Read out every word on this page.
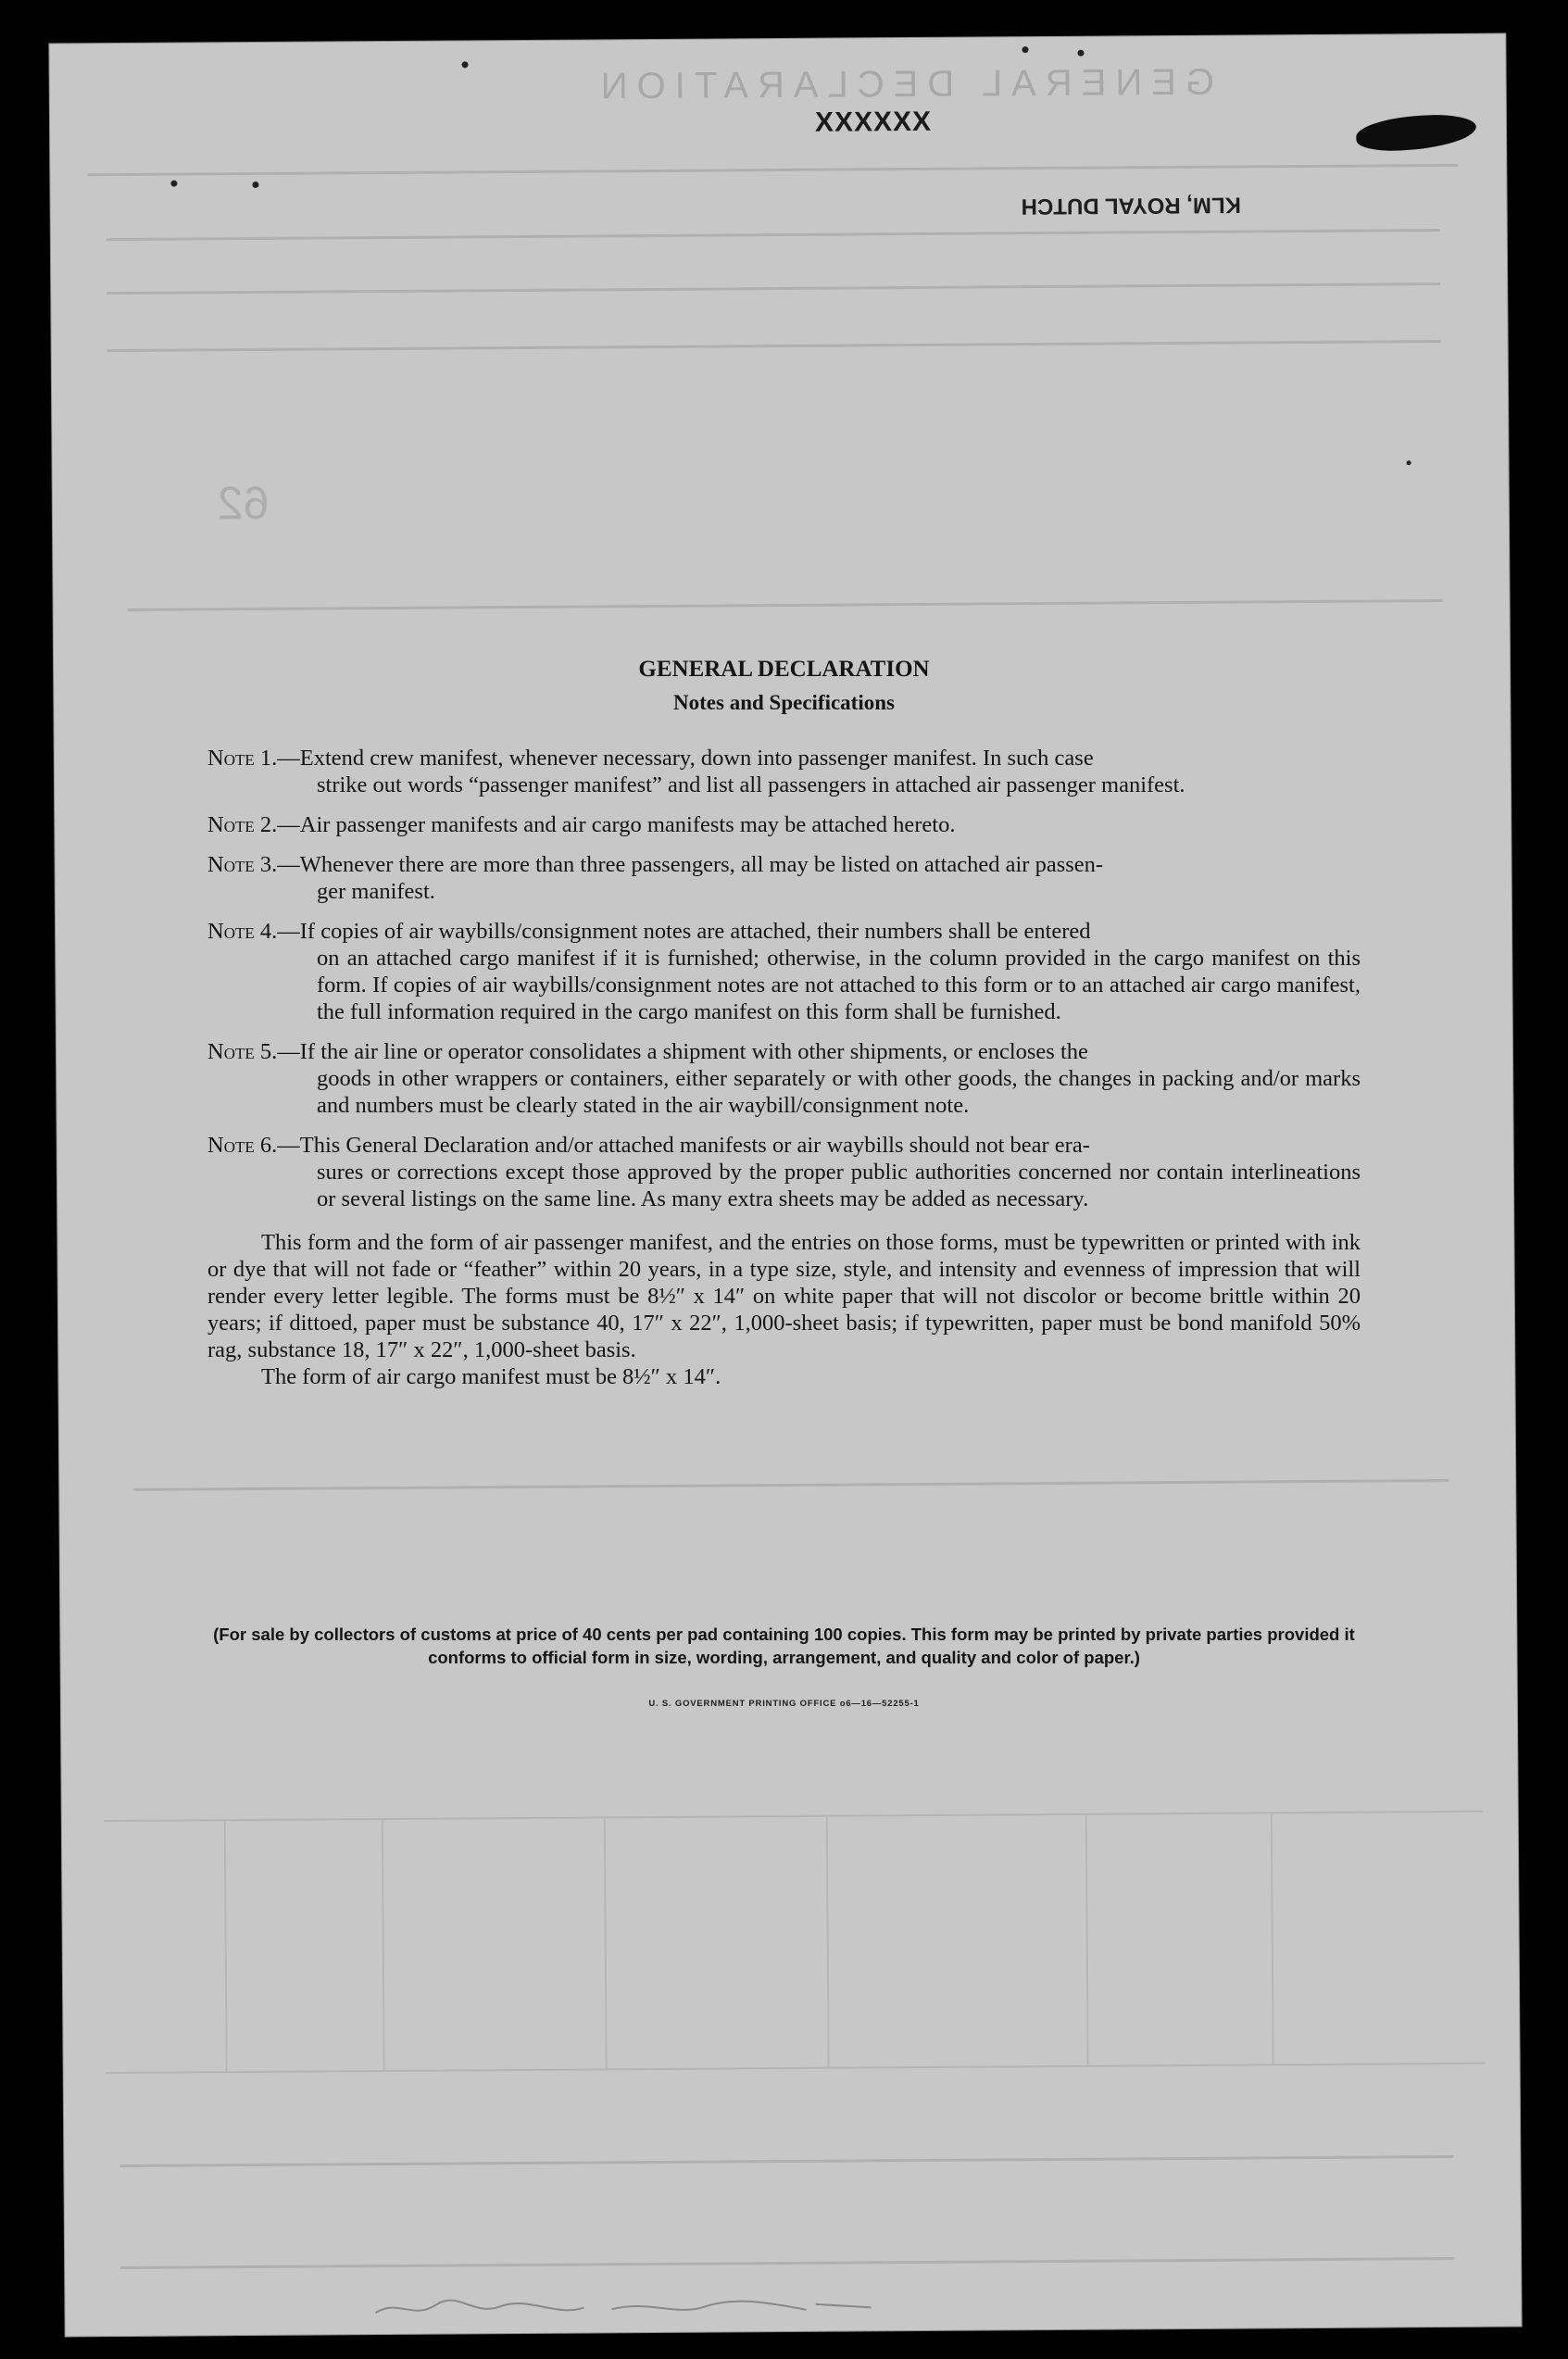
GENERAL DECLARATION
62
XXXXXX
KLM, ROYAL DUTCH
GENERAL DECLARATION
Notes and Specifications
Note 1.—Extend crew manifest, whenever necessary, down into passenger manifest. In such case
strike out words “passenger manifest” and list all passengers in attached air passenger manifest.
Note 2.—Air passenger manifests and air cargo manifests may be attached hereto.
Note 3.—Whenever there are more than three passengers, all may be listed on attached air passen-
ger manifest.
Note 4.—If copies of air waybills/consignment notes are attached, their numbers shall be entered
on an attached cargo manifest if it is furnished; otherwise, in the column provided in the cargo manifest on this form. If copies of air waybills/consignment notes are not attached to this form or to an attached air cargo manifest, the full information required in the cargo manifest on this form shall be furnished.
Note 5.—If the air line or operator consolidates a shipment with other shipments, or encloses the
goods in other wrappers or containers, either separately or with other goods, the changes in packing and/or marks and numbers must be clearly stated in the air waybill/consignment note.
Note 6.—This General Declaration and/or attached manifests or air waybills should not bear era-
sures or corrections except those approved by the proper public authorities concerned nor contain interlineations or several listings on the same line. As many extra sheets may be added as necessary.

This form and the form of air passenger manifest, and the entries on those forms, must be typewritten or printed with ink or dye that will not fade or “feather” within 20 years, in a type size, style, and intensity and evenness of impression that will render every letter legible. The forms must be 8½″ x 14″ on white paper that will not discolor or become brittle within 20 years; if dittoed, paper must be substance 40, 17″ x 22″, 1,000-sheet basis; if typewritten, paper must be bond manifold 50% rag, substance 18, 17″ x 22″, 1,000-sheet basis.

The form of air cargo manifest must be 8½″ x 14″.

(For sale by collectors of customs at price of 40 cents per pad containing 100 copies. This form may be printed by private parties provided it conforms to official form in size, wording, arrangement, and quality and color of paper.)
U. S. GOVERNMENT PRINTING OFFICE o6—16—52255-1
